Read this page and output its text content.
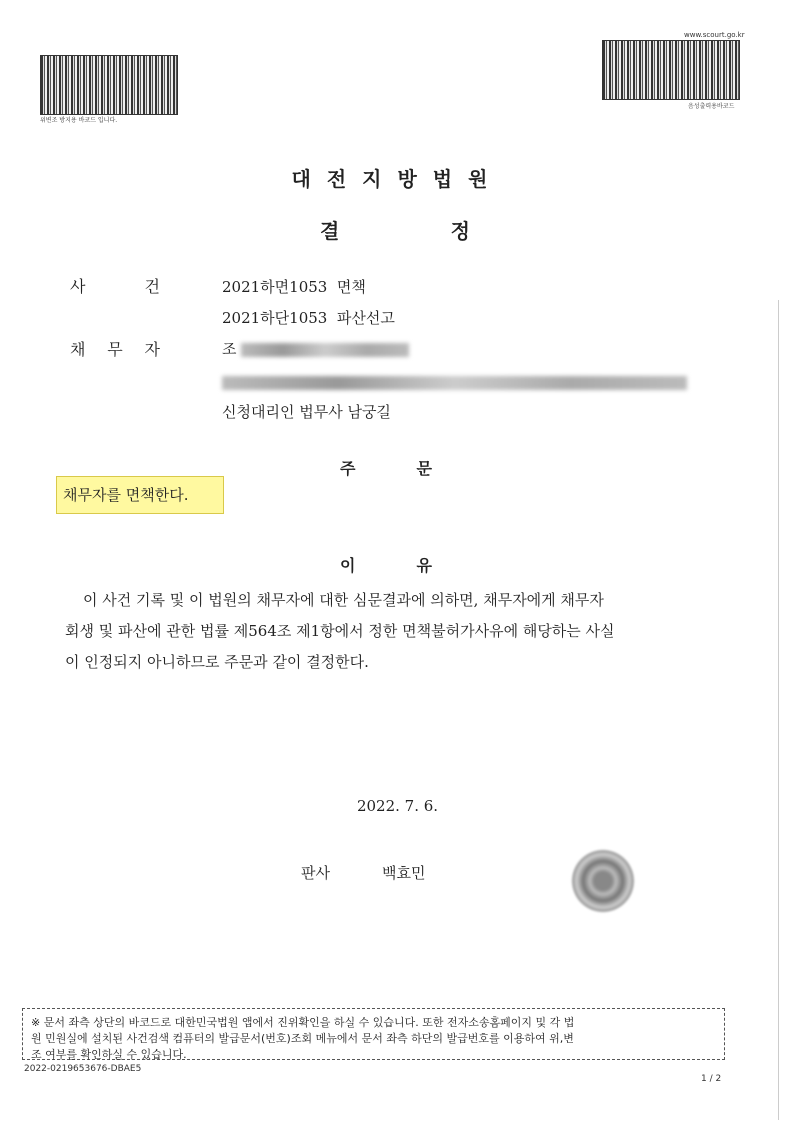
위변조 방지용 바코드 입니다.
www.scourt.go.kr
음성출력용바코드
대전지방법원
결	정
사	건	2021하면1053 면책
2021하단1053 파산선고
채 무 자	조
신청대리인 법무사 남궁길
주	문
채무자를 면책한다.
이	유
이 사건 기록 및 이 법원의 채무자에 대한 심문결과에 의하면, 채무자에게 채무자
회생 및 파산에 관한 법률 제564조 제1항에서 정한 면책불허가사유에 해당하는 사실
이 인정되지 아니하므로 주문과 같이 결정한다.
2022. 7. 6.
판사	백효민
※ 문서 좌측 상단의 바코드로 대한민국법원 앱에서 진위확인을 하실 수 있습니다. 또한 전자소송홈페이지 및 각 법
원 민원실에 설치된 사건검색 컴퓨터의 발급문서(번호)조회 메뉴에서 문서 좌측 하단의 발급번호를 이용하여 위,변
조 여부를 확인하실 수 있습니다.
2022-0219653676-DBAE5
1 / 2
